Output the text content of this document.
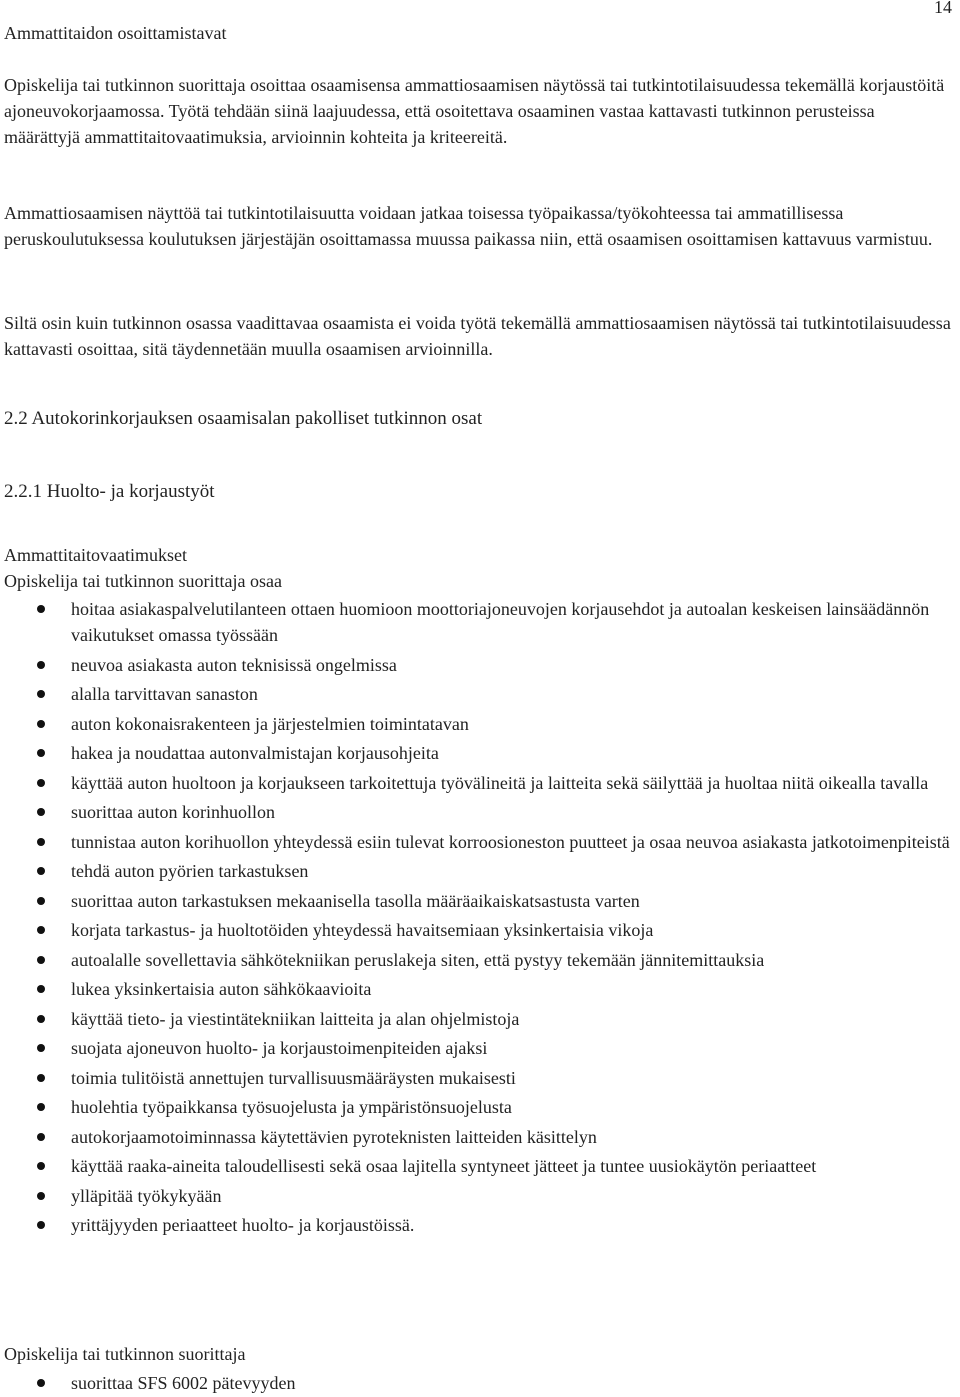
14
Ammattitaidon osoittamistavat
Opiskelija tai tutkinnon suorittaja osoittaa osaamisensa ammattiosaamisen näytössä tai tutkintotilaisuudessa tekemällä korjaustöitä ajoneuvokorjaamossa. Työtä tehdään siinä laajuudessa, että osoitettava osaaminen vastaa kattavasti tutkinnon perusteissa määrättyjä ammattitaitovaatimuksia, arvioinnin kohteita ja kriteereitä.
Ammattiosaamisen näyttöä tai tutkintotilaisuutta voidaan jatkaa toisessa työpaikassa/työkohteessa tai ammatillisessa peruskoulutuksessa koulutuksen järjestäjän osoittamassa muussa paikassa niin, että osaamisen osoittamisen kattavuus varmistuu.
Siltä osin kuin tutkinnon osassa vaadittavaa osaamista ei voida työtä tekemällä ammattiosaamisen näytössä tai tutkintotilaisuudessa kattavasti osoittaa, sitä täydennetään muulla osaamisen arvioinnilla.
2.2 Autokorinkorjauksen osaamisalan pakolliset tutkinnon osat
2.2.1 Huolto- ja korjaustyöt
Ammattitaitovaatimukset
Opiskelija tai tutkinnon suorittaja osaa
hoitaa asiakaspalvelutilanteen ottaen huomioon moottoriajoneuvojen korjausehdot ja autoalan keskeisen lainsäädännön vaikutukset omassa työssään
neuvoa asiakasta auton teknisissä ongelmissa
alalla tarvittavan sanaston
auton kokonaisrakenteen ja järjestelmien toimintatavan
hakea ja noudattaa autonvalmistajan korjausohjeita
käyttää auton huoltoon ja korjaukseen tarkoitettuja työvälineitä ja laitteita sekä säilyttää ja huoltaa niitä oikealla tavalla
suorittaa auton korinhuollon
tunnistaa auton korihuollon yhteydessä esiin tulevat korroosioneston puutteet ja osaa neuvoa asiakasta jatkotoimenpiteistä
tehdä auton pyörien tarkastuksen
suorittaa auton tarkastuksen mekaanisella tasolla määräaikaiskatsastusta varten
korjata tarkastus- ja huoltotöiden yhteydessä havaitsemiaan yksinkertaisia vikoja
autoalalle sovellettavia sähkötekniikan peruslakeja siten, että pystyy tekemään jännitemittauksia
lukea yksinkertaisia auton sähkökaavioita
käyttää tieto- ja viestintätekniikan laitteita ja alan ohjelmistoja
suojata ajoneuvon huolto- ja korjaustoimenpiteiden ajaksi
toimia tulitöistä annettujen turvallisuusmääräysten mukaisesti
huolehtia työpaikkansa työsuojelusta ja ympäristönsuojelusta
autokorjaamotoiminnassa käytettävien pyroteknisten laitteiden käsittelyn
käyttää raaka-aineita taloudellisesti sekä osaa lajitella syntyneet jätteet ja tuntee uusiokäytön periaatteet
ylläpitää työkykyään
yrittäjyyden periaatteet huolto- ja korjaustöissä.
Opiskelija tai tutkinnon suorittaja
suorittaa SFS 6002 pätevyyden
